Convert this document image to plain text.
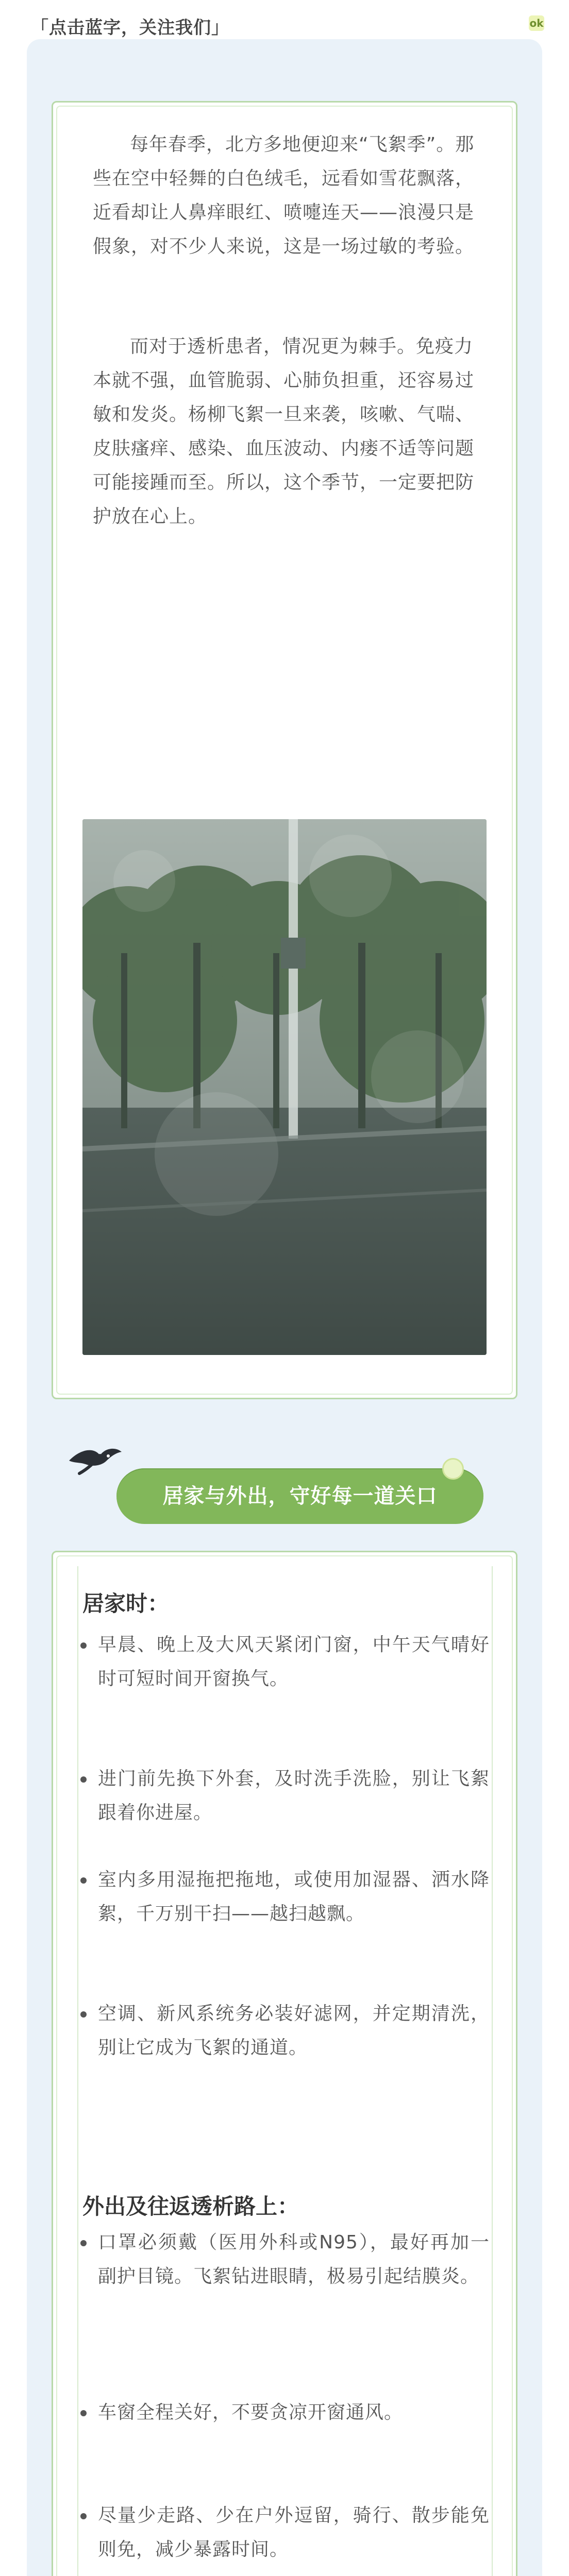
「点击蓝字，关注我们」	ok
每年春季，北方多地便迎来“飞絮季”。那些在空中轻舞的白色绒毛，远看如雪花飘落，近看却让人鼻痒眼红、喷嚏连天——浪漫只是假象，对不少人来说，这是一场过敏的考验。
而对于透析患者，情况更为棘手。免疫力本就不强，血管脆弱、心肺负担重，还容易过敏和发炎。杨柳飞絮一旦来袭，咳嗽、气喘、皮肤瘙痒、感染、血压波动、内瘘不适等问题可能接踵而至。所以，这个季节，一定要把防护放在心上。
居家与外出，守好每一道关口
居家时：
早晨、晚上及大风天紧闭门窗，中午天气晴好时可短时间开窗换气。
进门前先换下外套，及时洗手洗脸，别让飞絮跟着你进屋。
室内多用湿拖把拖地，或使用加湿器、洒水降絮，千万别干扫——越扫越飘。
空调、新风系统务必装好滤网，并定期清洗，别让它成为飞絮的通道。
外出及往返透析路上：
口罩必须戴（医用外科或N95），最好再加一副护目镜。飞絮钻进眼睛，极易引起结膜炎。
车窗全程关好，不要贪凉开窗通风。
尽量少走路、少在户外逗留，骑行、散步能免则免，减少暴露时间。
